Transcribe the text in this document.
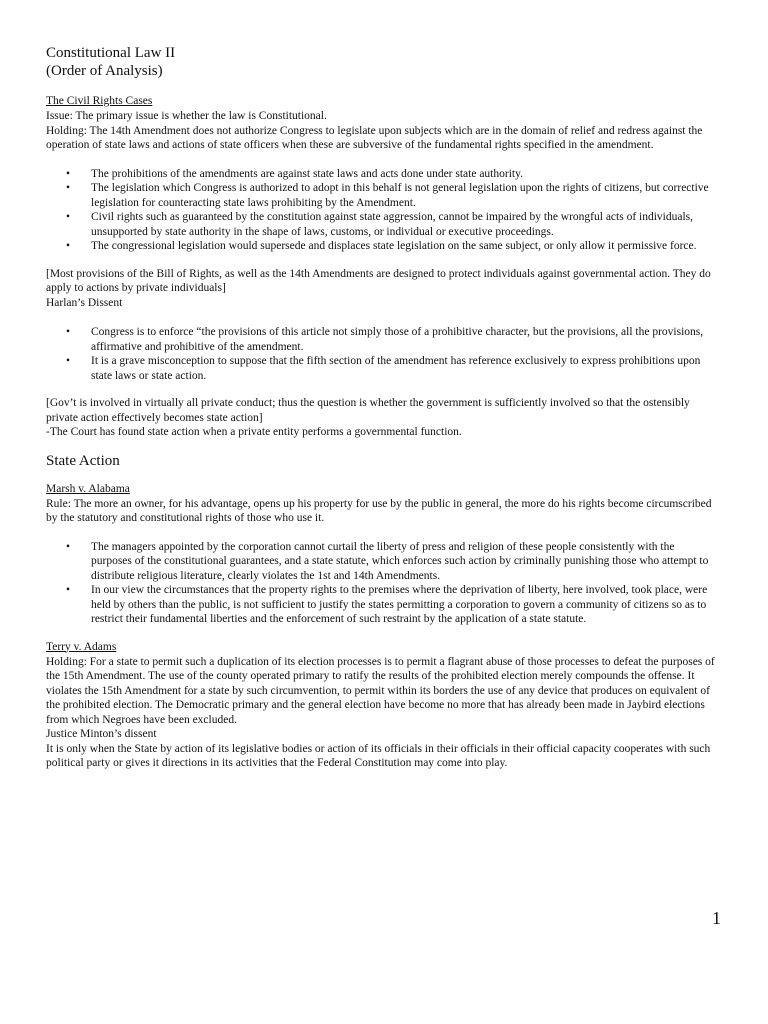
Constitutional Law II

(Order of Analysis)

The Civil Rights Cases

Issue: The primary issue is whether the law is Constitutional.

Holding: The 14th Amendment does not authorize Congress to legislate upon subjects which are in the domain of relief and redress against the operation of state laws and actions of state officers when these are subversive of the fundamental rights specified in the amendment.

• The prohibitions of the amendments are against state laws and acts done under state authority.
• The legislation which Congress is authorized to adopt in this behalf is not general legislation upon the rights of citizens, but corrective legislation for counteracting state laws prohibiting by the Amendment.
• Civil rights such as guaranteed by the constitution against state aggression, cannot be impaired by the wrongful acts of individuals, unsupported by state authority in the shape of laws, customs, or individual or executive proceedings.
• The congressional legislation would supersede and displaces state legislation on the same subject, or only allow it permissive force.

[Most provisions of the Bill of Rights, as well as the 14th Amendments are designed to protect individuals against governmental action. They do apply to actions by private individuals]

Harlan’s Dissent

• Congress is to enforce “the provisions of this article not simply those of a prohibitive character, but the provisions, all the provisions, affirmative and prohibitive of the amendment.
• It is a grave misconception to suppose that the fifth section of the amendment has reference exclusively to express prohibitions upon state laws or state action.

[Gov’t is involved in virtually all private conduct; thus the question is whether the government is sufficiently involved so that the ostensibly private action effectively becomes state action]

-The Court has found state action when a private entity performs a governmental function.

State Action
Marsh v. Alabama

Rule: The more an owner, for his advantage, opens up his property for use by the public in general, the more do his rights become circumscribed by the statutory and constitutional rights of those who use it.

• The managers appointed by the corporation cannot curtail the liberty of press and religion of these people consistently with the purposes of the constitutional guarantees, and a state statute, which enforces such action by criminally punishing those who attempt to distribute religious literature, clearly violates the 1st and 14th Amendments.
• In our view the circumstances that the property rights to the premises where the deprivation of liberty, here involved, took place, were held by others than the public, is not sufficient to justify the states permitting a corporation to govern a community of citizens so as to restrict their fundamental liberties and the enforcement of such restraint by the application of a state statute.
Terry v. Adams

Holding: For a state to permit such a duplication of its election processes is to permit a flagrant abuse of those processes to defeat the purposes of the 15th Amendment. The use of the county operated primary to ratify the results of the prohibited election merely compounds the offense. It violates the 15th Amendment for a state by such circumvention, to permit within its borders the use of any device that produces on equivalent of the prohibited election. The Democratic primary and the general election have become no more that has already been made in Jaybird elections from which Negroes have been excluded.

Justice Minton’s dissent

It is only when the State by action of its legislative bodies or action of its officials in their officials in their official capacity cooperates with such political party or gives it directions in its activities that the Federal Constitution may come into play.

1
